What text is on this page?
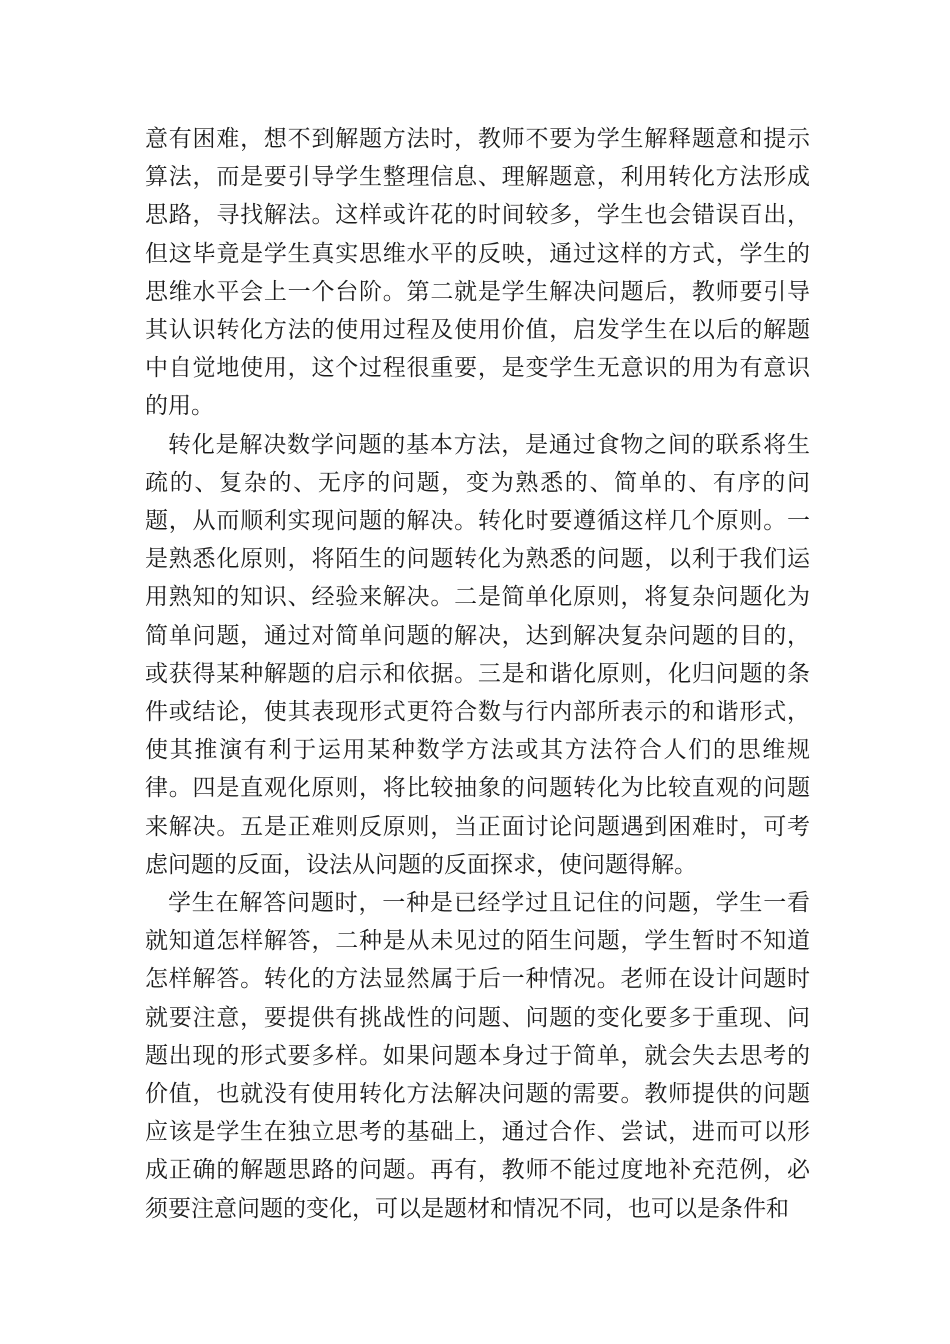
意有困难，想不到解题方法时，教师不要为学生解释题意和提示算法，而是要引导学生整理信息、理解题意，利用转化方法形成思路，寻找解法。这样或许花的时间较多，学生也会错误百出，但这毕竟是学生真实思维水平的反映，通过这样的方式，学生的思维水平会上一个台阶。第二就是学生解决问题后，教师要引导其认识转化方法的使用过程及使用价值，启发学生在以后的解题中自觉地使用，这个过程很重要，是变学生无意识的用为有意识的用。

转化是解决数学问题的基本方法，是通过食物之间的联系将生疏的、复杂的、无序的问题，变为熟悉的、简单的、有序的问题，从而顺利实现问题的解决。转化时要遵循这样几个原则。一是熟悉化原则，将陌生的问题转化为熟悉的问题，以利于我们运用熟知的知识、经验来解决。二是简单化原则，将复杂问题化为简单问题，通过对简单问题的解决，达到解决复杂问题的目的，或获得某种解题的启示和依据。三是和谐化原则，化归问题的条件或结论，使其表现形式更符合数与行内部所表示的和谐形式，使其推演有利于运用某种数学方法或其方法符合人们的思维规律。四是直观化原则，将比较抽象的问题转化为比较直观的问题来解决。五是正难则反原则，当正面讨论问题遇到困难时，可考虑问题的反面，设法从问题的反面探求，使问题得解。

学生在解答问题时，一种是已经学过且记住的问题，学生一看就知道怎样解答，二种是从未见过的陌生问题，学生暂时不知道怎样解答。转化的方法显然属于后一种情况。老师在设计问题时就要注意，要提供有挑战性的问题、问题的变化要多于重现、问题出现的形式要多样。如果问题本身过于简单，就会失去思考的价值，也就没有使用转化方法解决问题的需要。教师提供的问题应该是学生在独立思考的基础上，通过合作、尝试，进而可以形成正确的解题思路的问题。再有，教师不能过度地补充范例，必须要注意问题的变化，可以是题材和情况不同，也可以是条件和
